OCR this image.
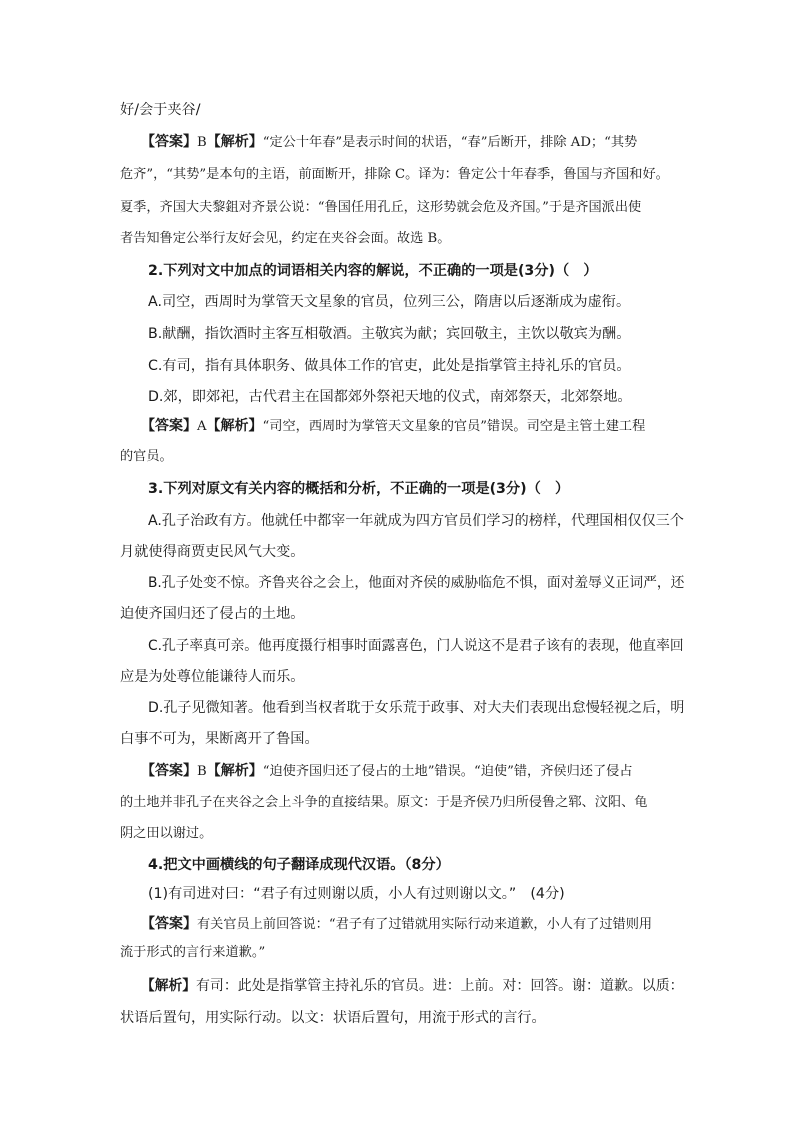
好/会于夹谷/
【答案】B【解析】“定公十年春”是表示时间的状语，“春”后断开，排除 AD；“其势
危齐”，“其势”是本句的主语，前面断开，排除 C。译为：鲁定公十年春季，鲁国与齐国和好。
夏季，齐国大夫黎鉏对齐景公说：“鲁国任用孔丘，这形势就会危及齐国。”于是齐国派出使
者告知鲁定公举行友好会见，约定在夹谷会面。故选 B。
2.下列对文中加点的词语相关内容的解说，不正确的一项是(3分)（　）
A.司空，西周时为掌管天文星象的官员，位列三公，隋唐以后逐渐成为虚衔。
B.献酬，指饮酒时主客互相敬酒。主敬宾为献；宾回敬主，主饮以敬宾为酬。
C.有司，指有具体职务、做具体工作的官吏，此处是指掌管主持礼乐的官员。
D.郊，即郊祀，古代君主在国都郊外祭祀天地的仪式，南郊祭天，北郊祭地。
【答案】A【解析】“司空，西周时为掌管天文星象的官员”错误。司空是主管土建工程
的官员。
3.下列对原文有关内容的概括和分析，不正确的一项是(3分)（　）
A.孔子治政有方。他就任中都宰一年就成为四方官员们学习的榜样，代理国相仅仅三个
月就使得商贾吏民风气大变。
B.孔子处变不惊。齐鲁夹谷之会上，他面对齐侯的威胁临危不惧，面对羞辱义正词严，还
迫使齐国归还了侵占的土地。
C.孔子率真可亲。他再度摄行相事时面露喜色，门人说这不是君子该有的表现，他直率回
应是为处尊位能谦待人而乐。
D.孔子见微知著。他看到当权者耽于女乐荒于政事、对大夫们表现出怠慢轻视之后，明
白事不可为，果断离开了鲁国。
【答案】B【解析】“迫使齐国归还了侵占的土地”错误。“迫使”错，齐侯归还了侵占
的土地并非孔子在夹谷之会上斗争的直接结果。原文：于是齐侯乃归所侵鲁之郓、汶阳、龟
阴之田以谢过。
4.把文中画横线的句子翻译成现代汉语。（8分）
(1)有司进对曰：“君子有过则谢以质，小人有过则谢以文。”　(4分)
【答案】有关官员上前回答说：“君子有了过错就用实际行动来道歉，小人有了过错则用
流于形式的言行来道歉。”
【解析】有司：此处是指掌管主持礼乐的官员。进：上前。对：回答。谢：道歉。以质：
状语后置句，用实际行动。以文：状语后置句，用流于形式的言行。
